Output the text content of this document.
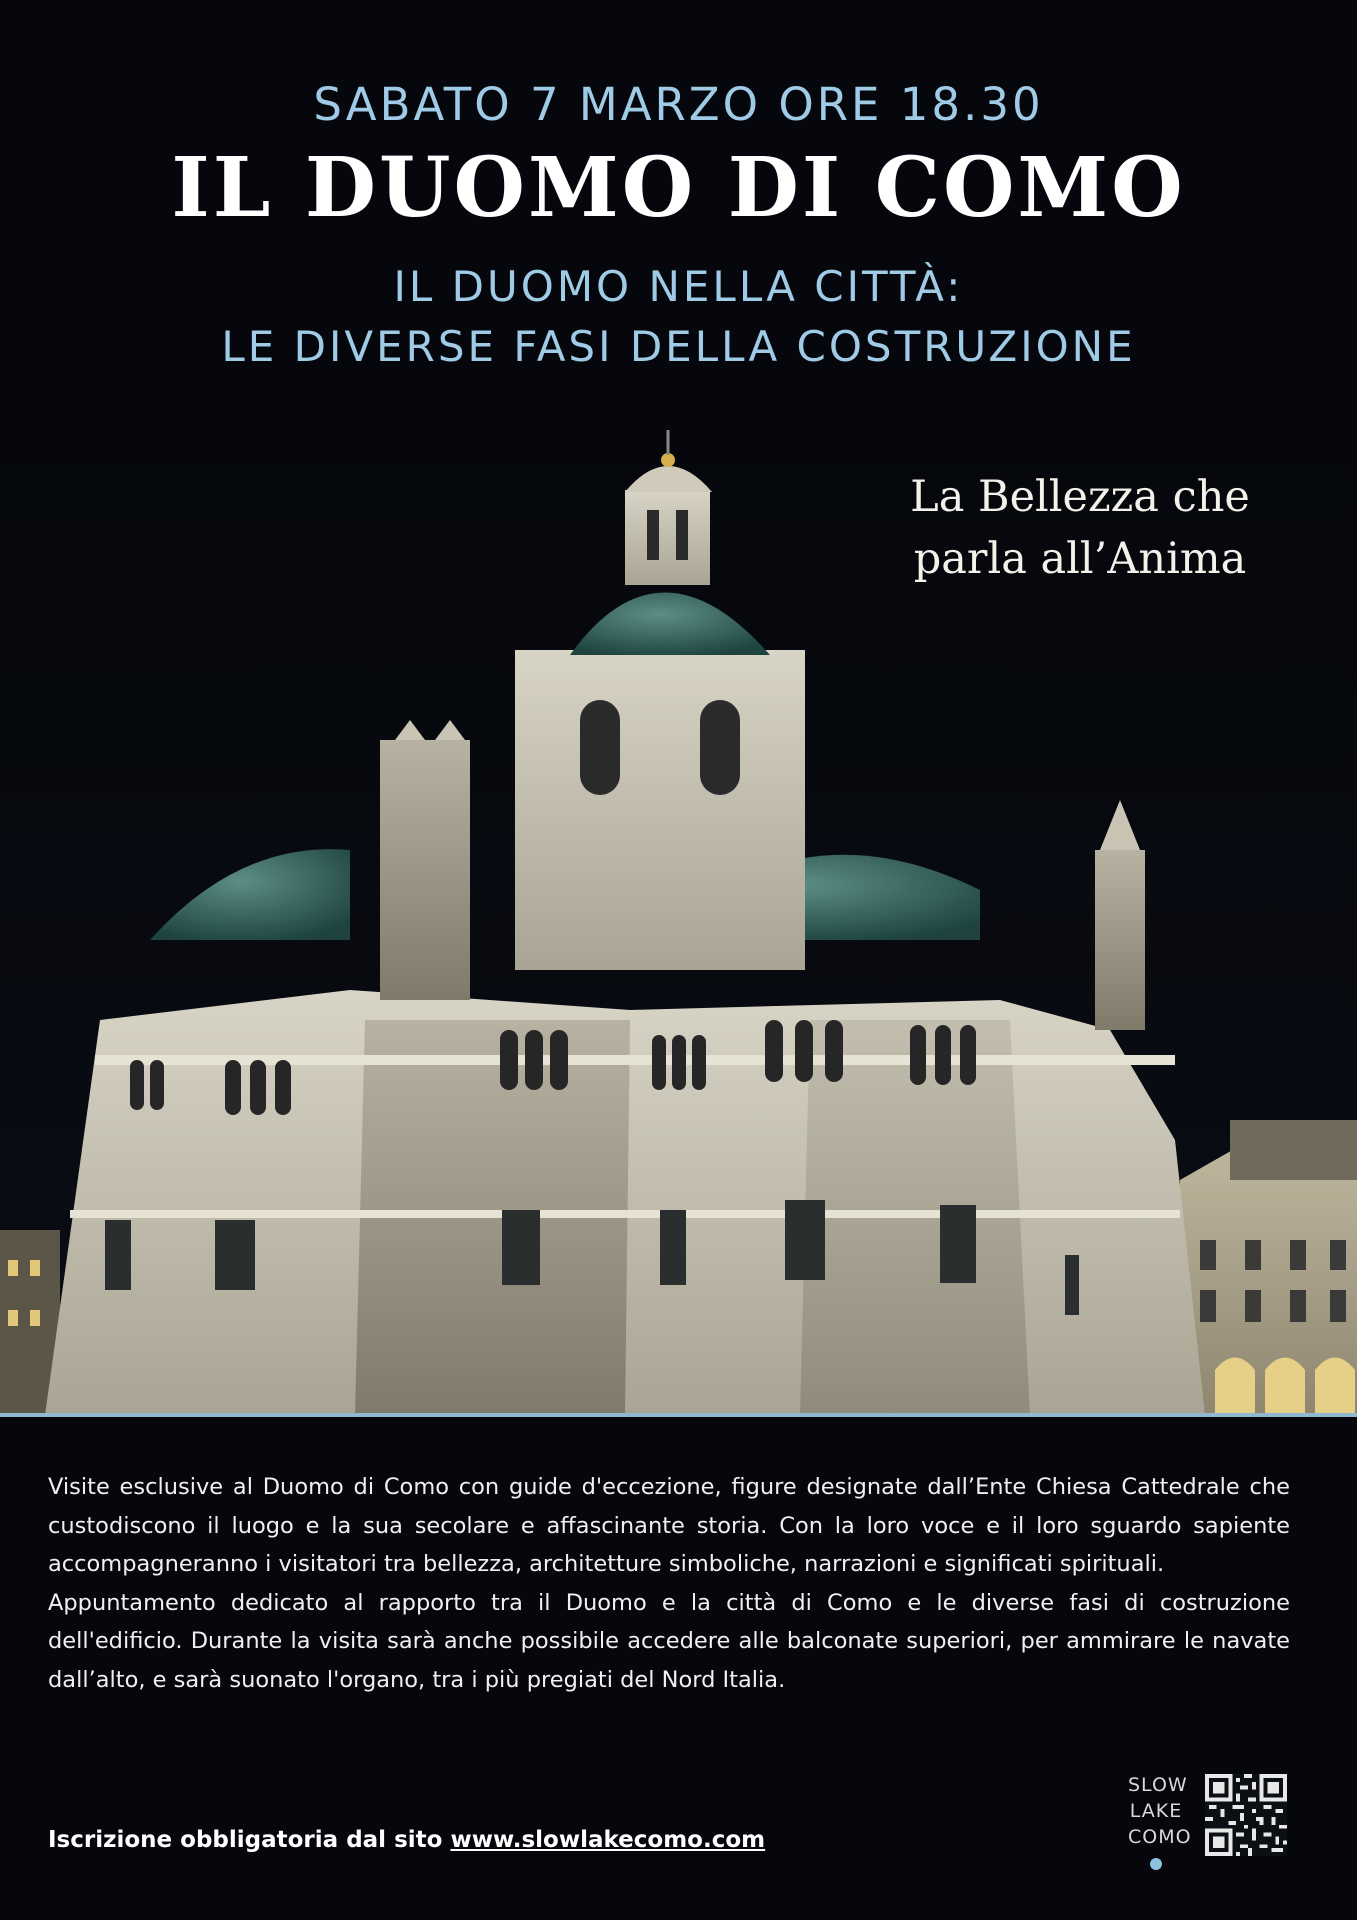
SABATO 7 MARZO ORE 18.30
IL DUOMO DI COMO
IL DUOMO NELLA CITTÀ:
LE DIVERSE FASI DELLA COSTRUZIONE
La Bellezza che
parla all’Anima

Visite esclusive al Duomo di Como con guide d'eccezione, figure designate dall’Ente Chiesa Cattedrale che custodiscono il luogo e la sua secolare e affascinante storia. Con la loro voce e il loro sguardo sapiente accompagneranno i visitatori tra bellezza, architetture simboliche, narrazioni e significati spirituali.

Appuntamento dedicato al rapporto tra il Duomo e la città di Como e le diverse fasi di costruzione dell'edificio. Durante la visita sarà anche possibile accedere alle balconate superiori, per ammirare le navate dall’alto, e sarà suonato l'organo, tra i più pregiati del Nord Italia.

Iscrizione obbligatoria dal sito www.slowlakecomo.com
SLOW
LAKE
COMO
